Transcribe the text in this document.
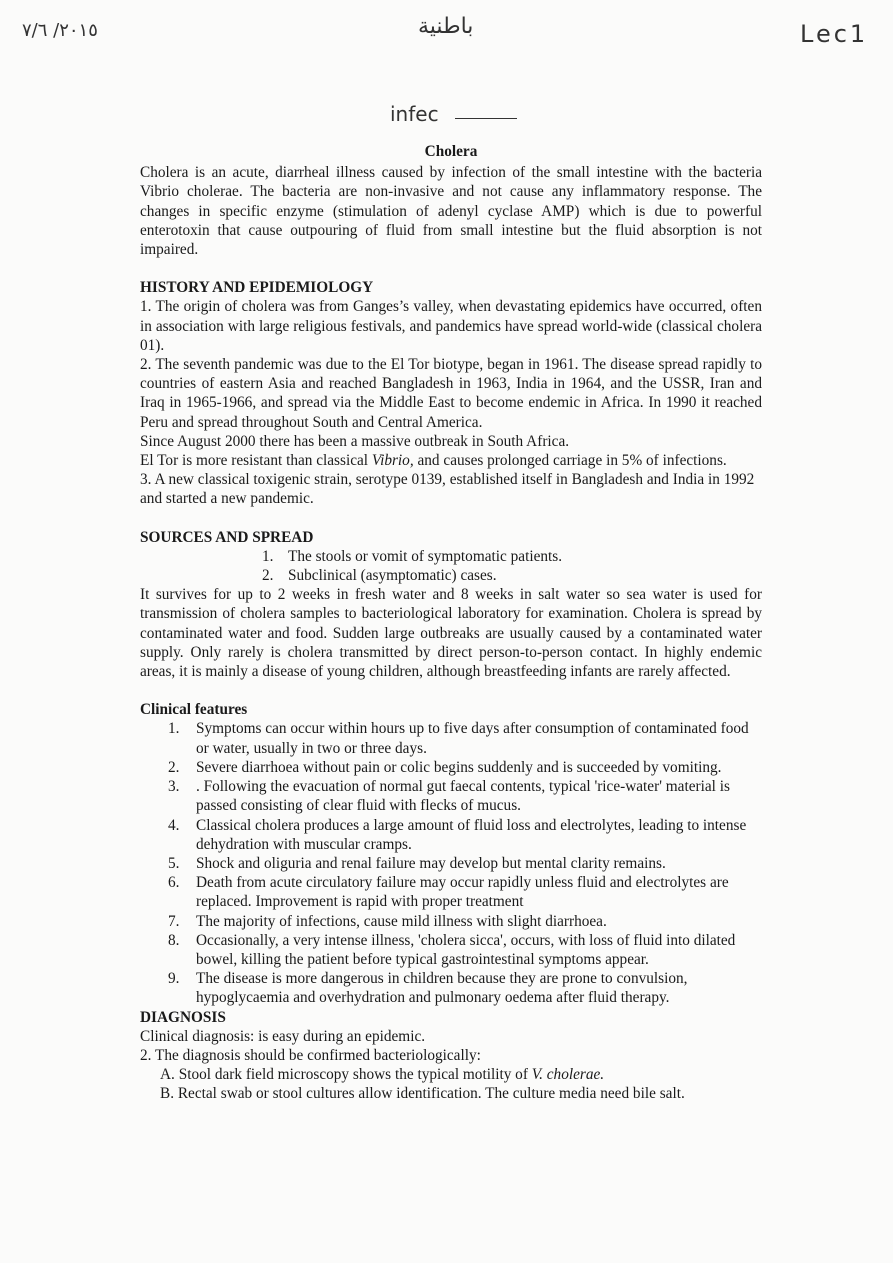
٢٠١٥/ ٧/٦	باطنية	Lec1
infec

Cholera

Cholera is an acute, diarrheal illness caused by infection of the small intestine with the bacteria Vibrio cholerae. The bacteria are non-invasive and not cause any inflammatory response. The changes in specific enzyme (stimulation of adenyl cyclase AMP) which is due to powerful enterotoxin that cause outpouring of fluid from small intestine but the fluid absorption is not impaired.

HISTORY AND EPIDEMIOLOGY

1. The origin of cholera was from Ganges’s valley, when devastating epidemics have occurred, often in association with large religious festivals, and pandemics have spread world-wide (classical cholera 01).

2. The seventh pandemic was due to the El Tor biotype, began in 1961. The disease spread rapidly to countries of eastern Asia and reached Bangladesh in 1963, India in 1964, and the USSR, Iran and Iraq in 1965-1966, and spread via the Middle East to become endemic in Africa. In 1990 it reached Peru and spread throughout South and Central America.

Since August 2000 there has been a massive outbreak in South Africa.

El Tor is more resistant than classical Vibrio, and causes prolonged carriage in 5% of infections.

3. A new classical toxigenic strain, serotype 0139, established itself in Bangladesh and India in 1992 and started a new pandemic.

SOURCES AND SPREAD

1. The stools or vomit of symptomatic patients.
2. Subclinical (asymptomatic) cases.

It survives for up to 2 weeks in fresh water and 8 weeks in salt water so sea water is used for transmission of cholera samples to bacteriological laboratory for examination. Cholera is spread by contaminated water and food. Sudden large outbreaks are usually caused by a contaminated water supply. Only rarely is cholera transmitted by direct person-to-person contact. In highly endemic areas, it is mainly a disease of young children, although breastfeeding infants are rarely affected.

Clinical features

1. Symptoms can occur within hours up to five days after consumption of contaminated food or water, usually in two or three days.
2. Severe diarrhoea without pain or colic begins suddenly and is succeeded by vomiting.
3. . Following the evacuation of normal gut faecal contents, typical 'rice-water' material is passed consisting of clear fluid with flecks of mucus.
4. Classical cholera produces a large amount of fluid loss and electrolytes, leading to intense dehydration with muscular cramps.
5. Shock and oliguria and renal failure may develop but mental clarity remains.
6. Death from acute circulatory failure may occur rapidly unless fluid and electrolytes are replaced. Improvement is rapid with proper treatment
7. The majority of infections, cause mild illness with slight diarrhoea.
8. Occasionally, a very intense illness, 'cholera sicca', occurs, with loss of fluid into dilated bowel, killing the patient before typical gastrointestinal symptoms appear.
9. The disease is more dangerous in children because they are prone to convulsion, hypoglycaemia and overhydration and pulmonary oedema after fluid therapy.

DIAGNOSIS

Clinical diagnosis: is easy during an epidemic.

2. The diagnosis should be confirmed bacteriologically:

A. Stool dark field microscopy shows the typical motility of V. cholerae.

B. Rectal swab or stool cultures allow identification. The culture media need bile salt.
